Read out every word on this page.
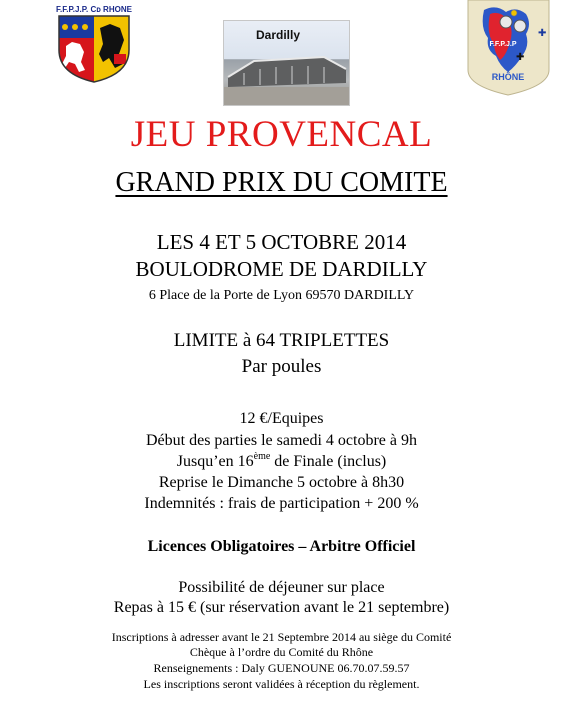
F.F.P.J.P. Cᴅ RHONE
Dardilly	✚
✚
F.F.P.J.P
RHÔNE
JEU PROVENCAL
GRAND PRIX DU COMITE
LES 4 ET 5 OCTOBRE 2014
BOULODROME DE DARDILLY
6 Place de la Porte de Lyon 69570 DARDILLY
LIMITE à 64 TRIPLETTES
Par poules
12 €/Equipes
Début des parties le samedi 4 octobre à 9h
Jusqu’en 16ème de Finale (inclus)
Reprise le Dimanche 5 octobre à 8h30
Indemnités : frais de participation + 200 %
Licences Obligatoires – Arbitre Officiel
Possibilité de déjeuner sur place
Repas à 15 € (sur réservation avant le 21 septembre)
Inscriptions à adresser avant le 21 Septembre 2014 au siège du Comité
Chèque à l’ordre du Comité du Rhône
Renseignements : Daly GUENOUNE 06.70.07.59.57
Les inscriptions seront validées à réception du règlement.
